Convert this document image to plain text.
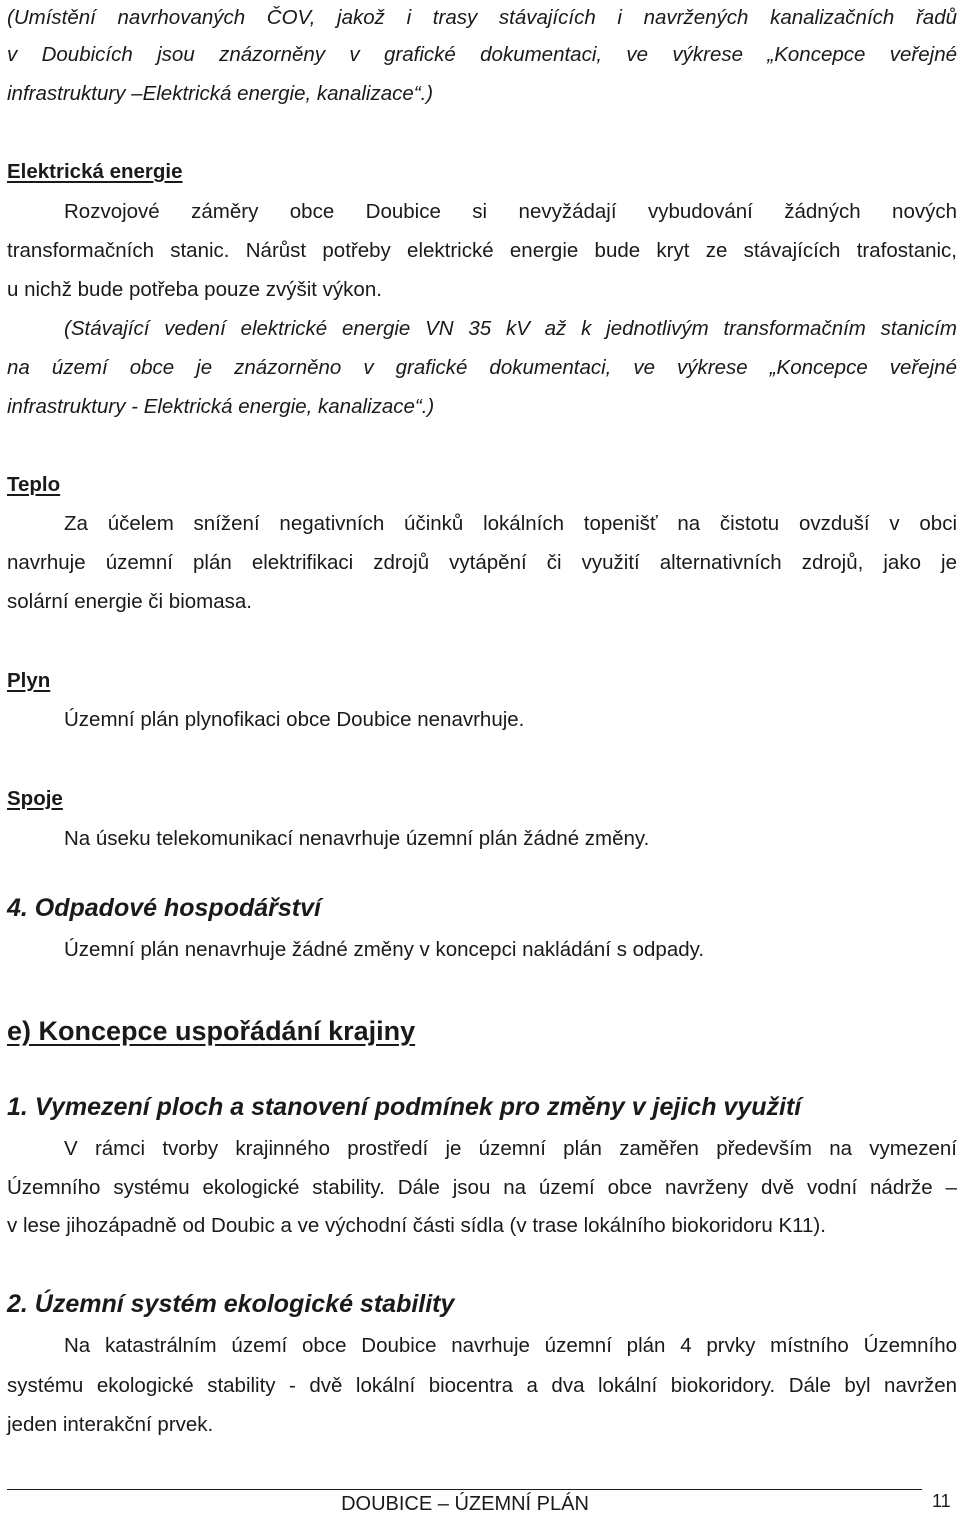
(Umístění navrhovaných ČOV, jakož i trasy stávajících i navržených kanalizačních řadů
v Doubicích jsou znázorněny v grafické dokumentaci, ve výkrese „Koncepce veřejné
infrastruktury –Elektrická energie, kanalizace“.)
Elektrická energie
Rozvojové záměry obce Doubice si nevyžádají vybudování žádných nových
transformačních stanic. Nárůst potřeby elektrické energie bude kryt ze stávajících trafostanic,
u nichž bude potřeba pouze zvýšit výkon.
(Stávající vedení elektrické energie VN 35 kV až k jednotlivým transformačním stanicím
na území obce je znázorněno v grafické dokumentaci, ve výkrese „Koncepce veřejné
infrastruktury - Elektrická energie, kanalizace“.)
Teplo
Za účelem snížení negativních účinků lokálních topenišť na čistotu ovzduší v obci
navrhuje územní plán elektrifikaci zdrojů vytápění či využití alternativních zdrojů, jako je
solární energie či biomasa.
Plyn
Územní plán plynofikaci obce Doubice nenavrhuje.
Spoje
Na úseku telekomunikací nenavrhuje územní plán žádné změny.
4. Odpadové hospodářství
Územní plán nenavrhuje žádné změny v koncepci nakládání s odpady.
e) Koncepce uspořádání krajiny
1. Vymezení ploch a stanovení podmínek pro změny v jejich využití
V rámci tvorby krajinného prostředí je územní plán zaměřen především na vymezení
Územního systému ekologické stability. Dále jsou na území obce navrženy dvě vodní nádrže –
v lese jihozápadně od Doubic a ve východní části sídla (v trase lokálního biokoridoru K11).
2. Územní systém ekologické stability
Na katastrálním území obce Doubice navrhuje územní plán 4 prvky místního Územního
systému ekologické stability - dvě lokální biocentra a dva lokální biokoridory. Dále byl navržen
jeden interakční prvek.
DOUBICE – ÚZEMNÍ PLÁN	11
